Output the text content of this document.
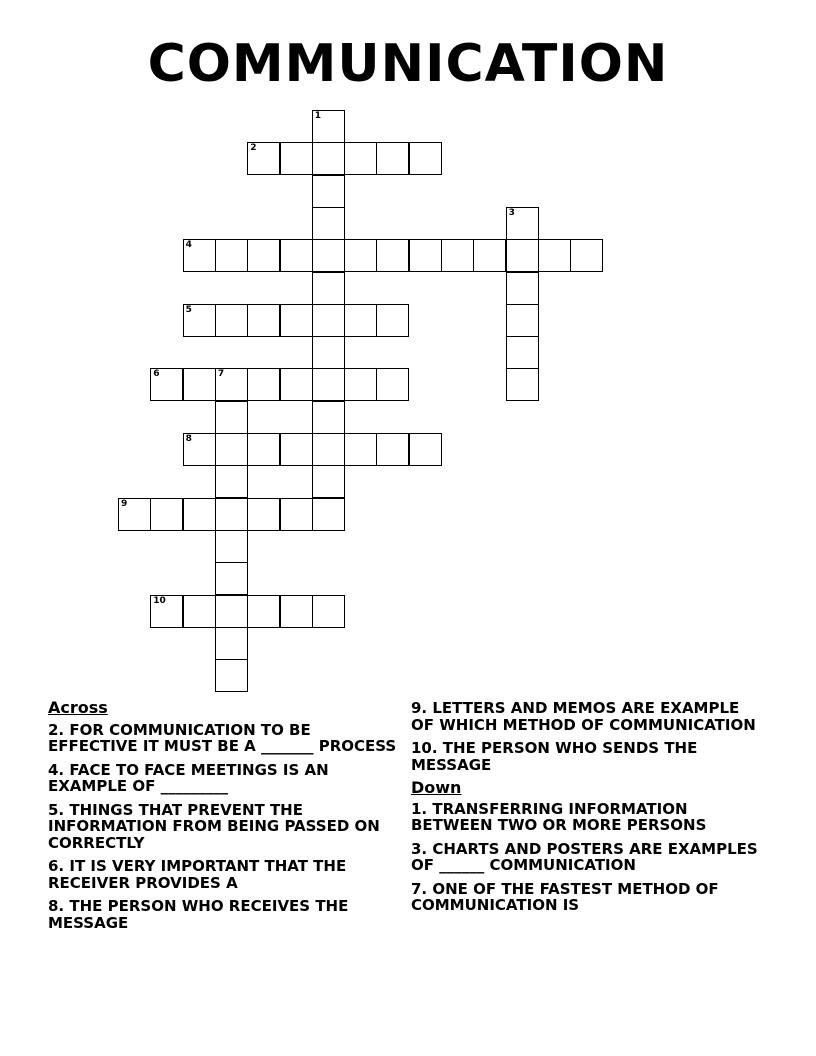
COMMUNICATION
1
2
3
4
5
6	7
8
9
10
Across
2. FOR COMMUNICATION TO BE EFFECTIVE IT MUST BE A _______ PROCESS
4. FACE TO FACE MEETINGS IS AN EXAMPLE OF _________
5. THINGS THAT PREVENT THE INFORMATION FROM BEING PASSED ON CORRECTLY
6. IT IS VERY IMPORTANT THAT THE RECEIVER PROVIDES A
8. THE PERSON WHO RECEIVES THE MESSAGE
9. LETTERS AND MEMOS ARE EXAMPLE OF WHICH METHOD OF COMMUNICATION
10. THE PERSON WHO SENDS THE MESSAGE
Down
1. TRANSFERRING INFORMATION BETWEEN TWO OR MORE PERSONS
3. CHARTS AND POSTERS ARE EXAMPLES OF ______ COMMUNICATION
7. ONE OF THE FASTEST METHOD OF COMMUNICATION IS
